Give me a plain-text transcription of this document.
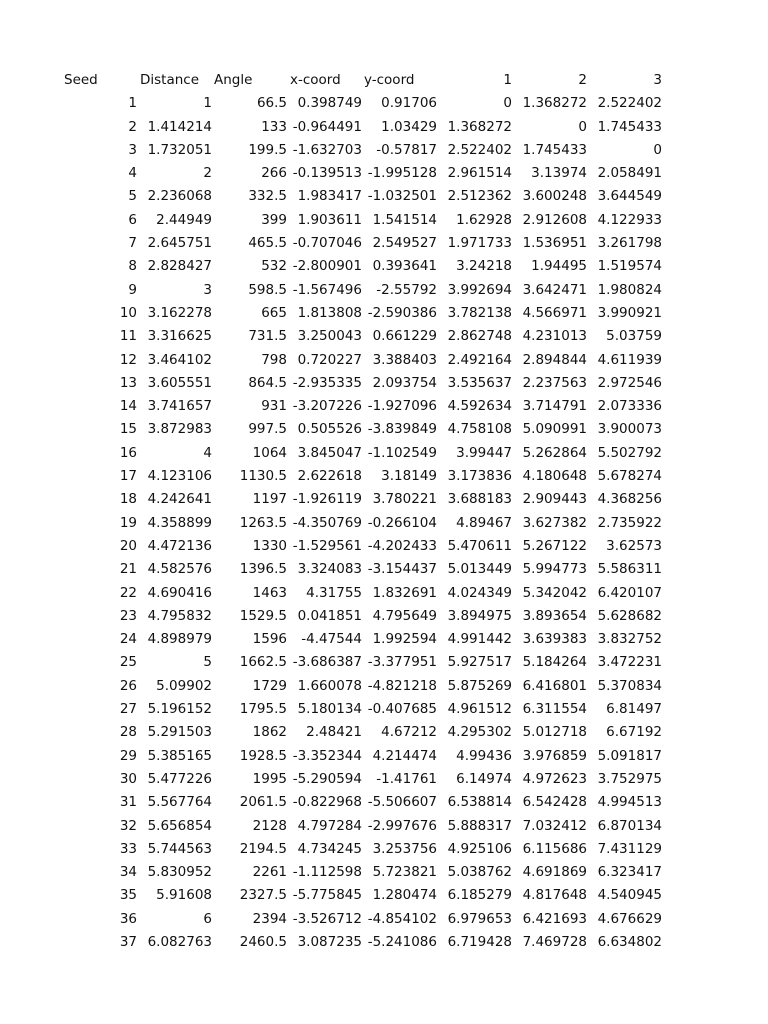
Seed	Distance Angle	x-coord y-coord	1	2	3
1	1	66.5 0.398749 0.91706	0 1.368272 2.522402
2 1.414214	133 -0.964491 1.03429 1.368272	0 1.745433
3 1.732051	199.5 -1.632703 -0.57817 2.522402 1.745433	0
4	2	266 -0.139513 -1.995128 2.961514 3.13974 2.058491
5 2.236068	332.5 1.983417 -1.032501 2.512362 3.600248 3.644549
6 2.44949	399 1.903611 1.541514 1.62928 2.912608 4.122933
7 2.645751	465.5 -0.707046 2.549527 1.971733 1.536951 3.261798
8 2.828427	532 -2.800901 0.393641 3.24218 1.94495 1.519574
9	3	598.5 -1.567496 -2.55792 3.992694 3.642471 1.980824
10 3.162278	665 1.813808 -2.590386 3.782138 4.566971 3.990921
11 3.316625	731.5 3.250043 0.661229 2.862748 4.231013 5.03759
12 3.464102	798 0.720227 3.388403 2.492164 2.894844 4.611939
13 3.605551	864.5 -2.935335 2.093754 3.535637 2.237563 2.972546
14 3.741657	931 -3.207226 -1.927096 4.592634 3.714791 2.073336
15 3.872983	997.5 0.505526 -3.839849 4.758108 5.090991 3.900073
16	4	1064 3.845047 -1.102549 3.99447 5.262864 5.502792
17 4.123106 1130.5 2.622618 3.18149 3.173836 4.180648 5.678274
18 4.242641	1197 -1.926119 3.780221 3.688183 2.909443 4.368256
19 4.358899 1263.5 -4.350769 -0.266104 4.89467 3.627382 2.735922
20 4.472136	1330 -1.529561 -4.202433 5.470611 5.267122 3.62573
21 4.582576 1396.5 3.324083 -3.154437 5.013449 5.994773 5.586311
22 4.690416	1463 4.31755 1.832691 4.024349 5.342042 6.420107
23 4.795832 1529.5 0.041851 4.795649 3.894975 3.893654 5.628682
24 4.898979	1596 -4.47544 1.992594 4.991442 3.639383 3.832752
25	5 1662.5 -3.686387 -3.377951 5.927517 5.184264 3.472231
26 5.09902	1729 1.660078 -4.821218 5.875269 6.416801 5.370834
27 5.196152 1795.5 5.180134 -0.407685 4.961512 6.311554 6.81497
28 5.291503	1862 2.48421 4.67212 4.295302 5.012718 6.67192
29 5.385165 1928.5 -3.352344 4.214474 4.99436 3.976859 5.091817
30 5.477226	1995 -5.290594 -1.41761 6.14974 4.972623 3.752975
31 5.567764 2061.5 -0.822968 -5.506607 6.538814 6.542428 4.994513
32 5.656854	2128 4.797284 -2.997676 5.888317 7.032412 6.870134
33 5.744563 2194.5 4.734245 3.253756 4.925106 6.115686 7.431129
34 5.830952	2261 -1.112598 5.723821 5.038762 4.691869 6.323417
35 5.91608 2327.5 -5.775845 1.280474 6.185279 4.817648 4.540945
36	6	2394 -3.526712 -4.854102 6.979653 6.421693 4.676629
37 6.082763 2460.5 3.087235 -5.241086 6.719428 7.469728 6.634802
